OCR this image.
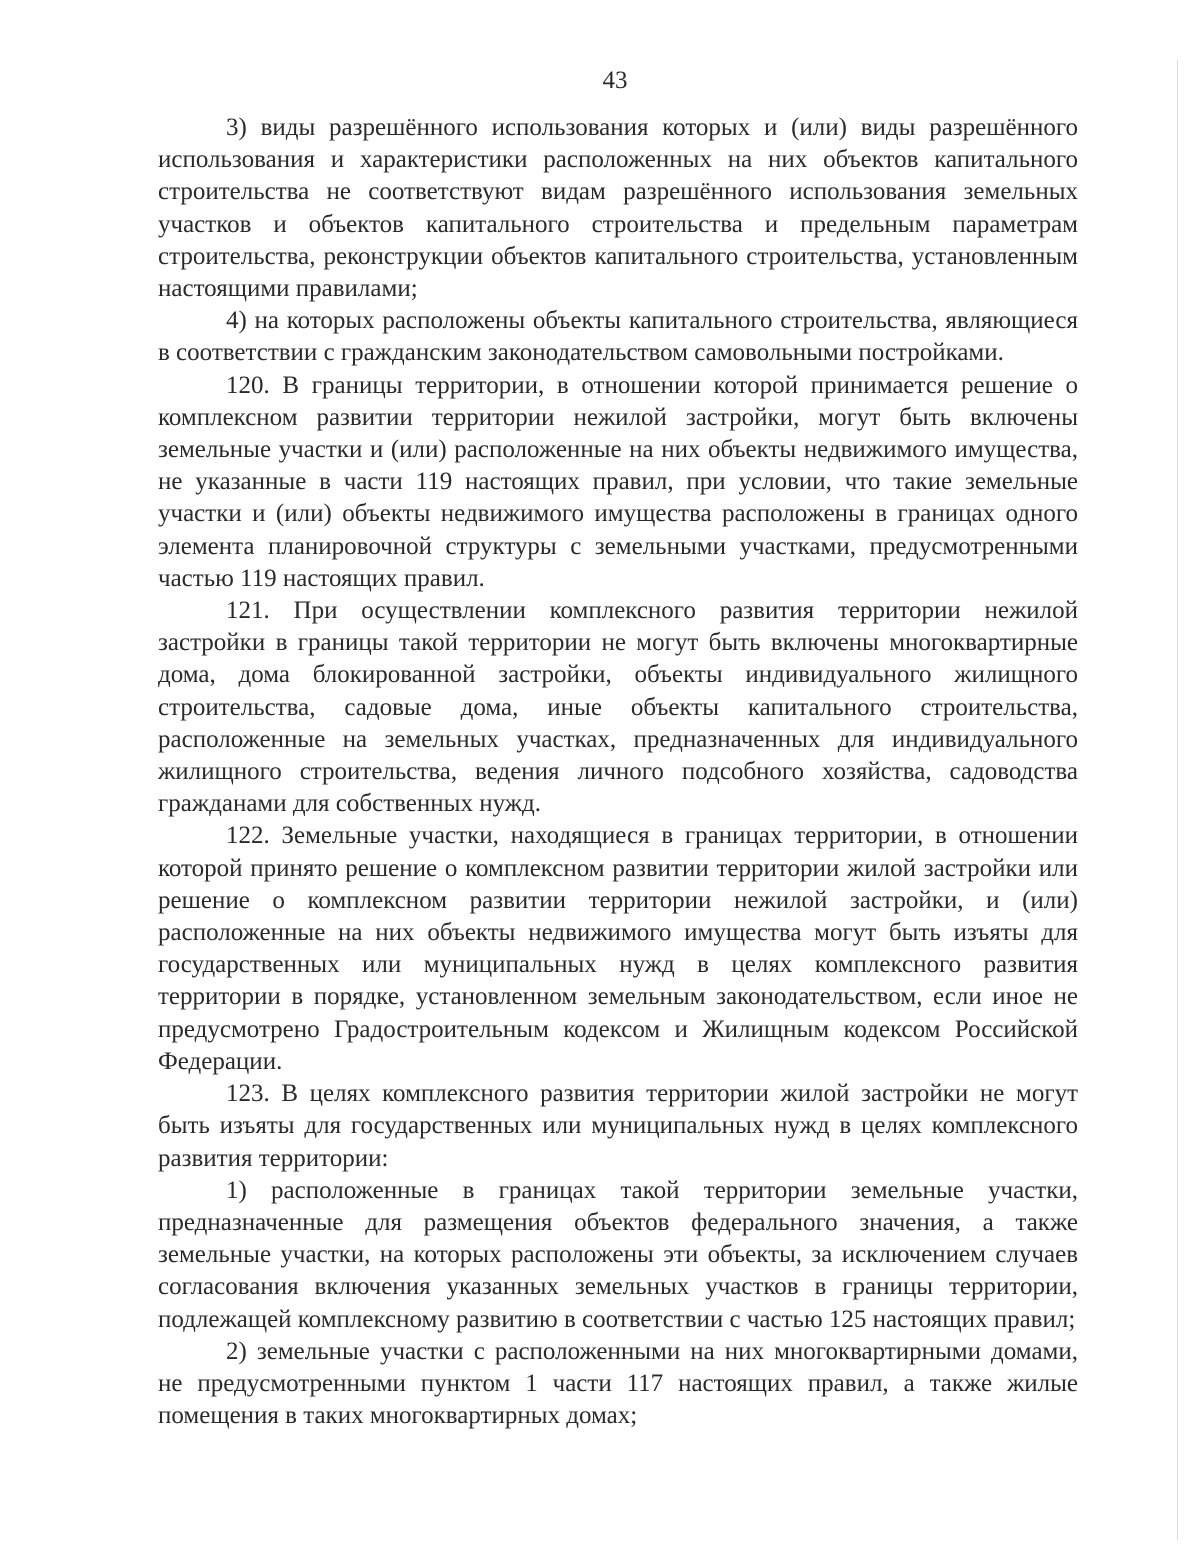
43

3) виды разрешённого использования которых и (или) виды разрешённого использования и характеристики расположенных на них объектов капитального строительства не соответствуют видам разрешённого использования земельных участков и объектов капитального строительства и предельным параметрам строительства, реконструкции объектов капитального строительства, установленным настоящими правилами;

4) на которых расположены объекты капитального строительства, являющиеся в соответствии с гражданским законодательством самовольными постройками.

120. В границы территории, в отношении которой принимается решение о комплексном развитии территории нежилой застройки, могут быть включены земельные участки и (или) расположенные на них объекты недвижимого имущества, не указанные в части 119 настоящих правил, при условии, что такие земельные участки и (или) объекты недвижимого имущества расположены в границах одного элемента планировочной структуры с земельными участками, предусмотренными частью 119 настоящих правил.

121. При осуществлении комплексного развития территории нежилой застройки в границы такой территории не могут быть включены многоквартирные дома, дома блокированной застройки, объекты индивидуального жилищного строительства, садовые дома, иные объекты капитального строительства, расположенные на земельных участках, предназначенных для индивидуального жилищного строительства, ведения личного подсобного хозяйства, садоводства гражданами для собственных нужд.

122. Земельные участки, находящиеся в границах территории, в отношении которой принято решение о комплексном развитии территории жилой застройки или решение о комплексном развитии территории нежилой застройки, и (или) расположенные на них объекты недвижимого имущества могут быть изъяты для государственных или муниципальных нужд в целях комплексного развития территории в порядке, установленном земельным законодательством, если иное не предусмотрено Градостроительным кодексом и Жилищным кодексом Российской Федерации.

123. В целях комплексного развития территории жилой застройки не могут быть изъяты для государственных или муниципальных нужд в целях комплексного развития территории:

1) расположенные в границах такой территории земельные участки, предназначенные для размещения объектов федерального значения, а также земельные участки, на которых расположены эти объекты, за исключением случаев согласования включения указанных земельных участков в границы территории, подлежащей комплексному развитию в соответствии с частью 125 настоящих правил;

2) земельные участки с расположенными на них многоквартирными домами, не предусмотренными пунктом 1 части 117 настоящих правил, а также жилые помещения в таких многоквартирных домах;
